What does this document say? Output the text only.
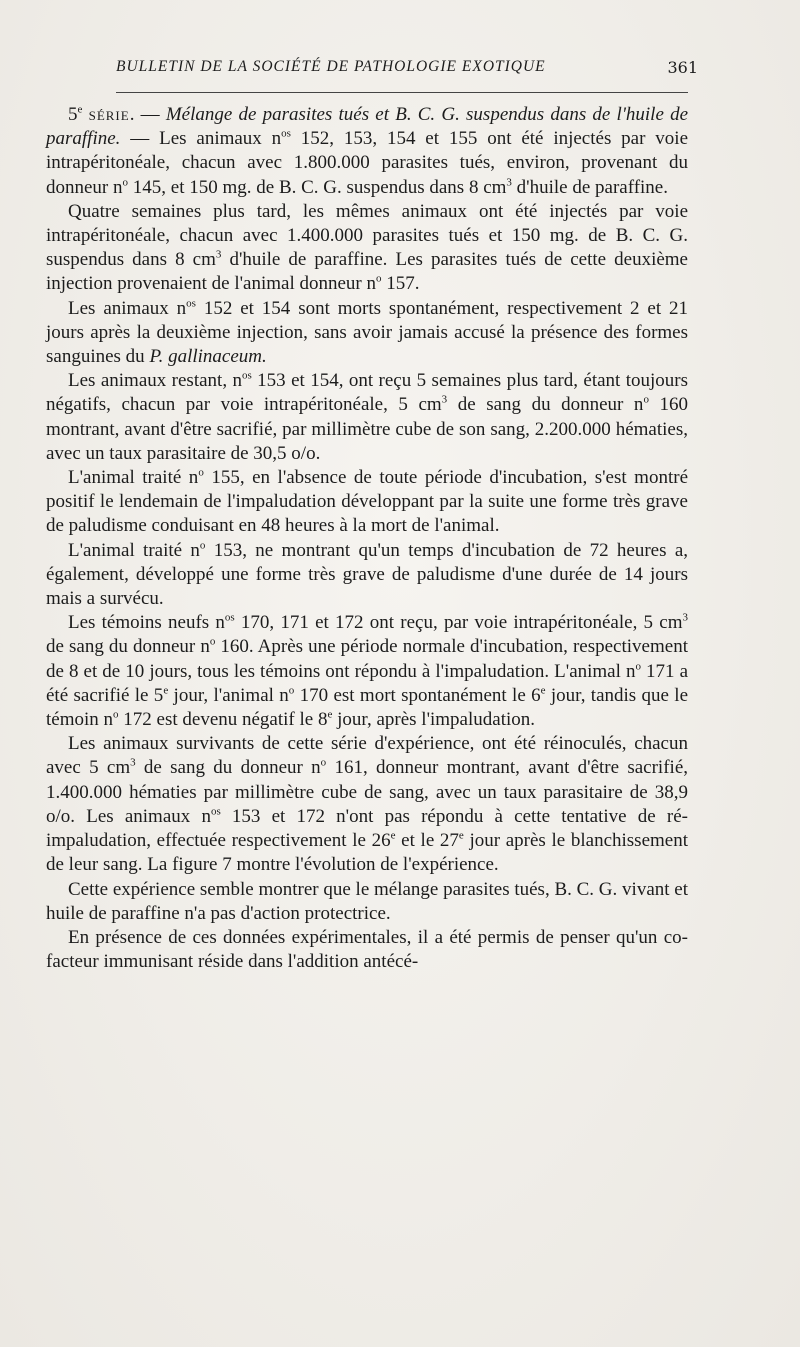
BULLETIN DE LA SOCIÉTÉ DE PATHOLOGIE EXOTIQUE	361

5e série. — Mélange de parasites tués et B. C. G. suspendus dans de l'huile de paraffine. — Les animaux $n^{os}$ 152, 153, 154 et 155 ont été injectés par voie intrapéritonéale, chacun avec 1.800.000 parasites tués, environ, provenant du donneur $n^o$ 145, et 150 mg. de B. C. G. suspendus dans 8 $cm^3$ d'huile de paraffine.

Quatre semaines plus tard, les mêmes animaux ont été injectés par voie intrapéritonéale, chacun avec 1.400.000 parasites tués et 150 mg. de B. C. G. suspendus dans 8 $cm^3$ d'huile de paraffine. Les parasites tués de cette deuxième injection provenaient de l'animal donneur $n^o$ 157.

Les animaux $n^{os}$ 152 et 154 sont morts spontanément, respectivement 2 et 21 jours après la deuxième injection, sans avoir jamais accusé la présence des formes sanguines du P. gallinaceum.

Les animaux restant, $n^{os}$ 153 et 154, ont reçu 5 semaines plus tard, étant toujours négatifs, chacun par voie intrapéritonéale, 5 $cm^3$ de sang du donneur $n^o$ 160 montrant, avant d'être sacrifié, par millimètre cube de son sang, 2.200.000 hématies, avec un taux parasitaire de 30,5 o/o.

L'animal traité $n^o$ 155, en l'absence de toute période d'incubation, s'est montré positif le lendemain de l'impaludation développant par la suite une forme très grave de paludisme conduisant en 48 heures à la mort de l'animal.

L'animal traité $n^o$ 153, ne montrant qu'un temps d'incubation de 72 heures a, également, développé une forme très grave de paludisme d'une durée de 14 jours mais a survécu.

Les témoins neufs $n^{os}$ 170, 171 et 172 ont reçu, par voie intrapéritonéale, 5 $cm^3$ de sang du donneur $n^o$ 160. Après une période normale d'incubation, respectivement de 8 et de 10 jours, tous les témoins ont répondu à l'impaludation. L'animal $n^o$ 171 a été sacrifié le 5e jour, l'animal $n^o$ 170 est mort spontanément le 6e jour, tandis que le témoin $n^o$ 172 est devenu négatif le 8e jour, après l'impaludation.

Les animaux survivants de cette série d'expérience, ont été réinoculés, chacun avec 5 $cm^3$ de sang du donneur $n^o$ 161, donneur montrant, avant d'être sacrifié, 1.400.000 hématies par millimètre cube de sang, avec un taux parasitaire de 38,9 o/o. Les animaux $n^{os}$ 153 et 172 n'ont pas répondu à cette tentative de ré-impaludation, effectuée respectivement le 26e et le 27e jour après le blanchissement de leur sang. La figure 7 montre l'évolution de l'expérience.

Cette expérience semble montrer que le mélange parasites tués, B. C. G. vivant et huile de paraffine n'a pas d'action protectrice.

En présence de ces données expérimentales, il a été permis de penser qu'un co-facteur immunisant réside dans l'addition antécé-
